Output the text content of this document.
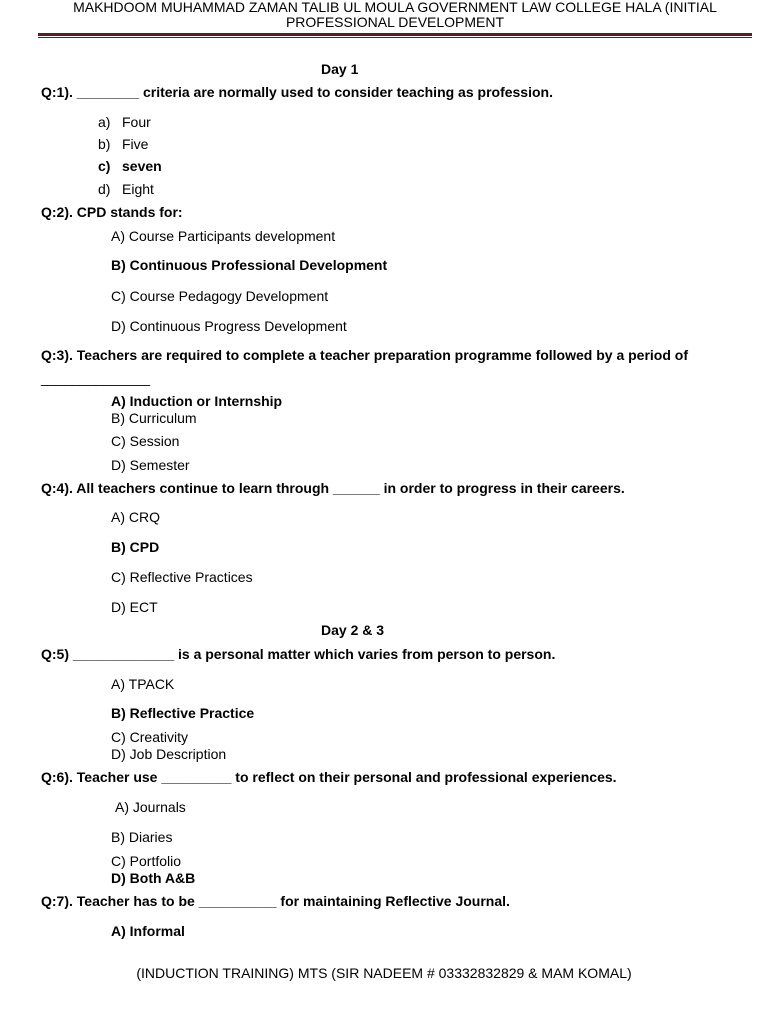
MAKHDOOM MUHAMMAD ZAMAN TALIB UL MOULA GOVERNMENT LAW COLLEGE HALA (INITIAL
PROFESSIONAL DEVELOPMENT
Day 1
Q:1). ________ criteria are normally used to consider teaching as profession.
a) Four
b) Five
c) seven
d) Eight
Q:2). CPD stands for:
A) Course Participants development
B) Continuous Professional Development
C) Course Pedagogy Development
D) Continuous Progress Development
Q:3). Teachers are required to complete a teacher preparation programme followed by a period of
______________
A) Induction or Internship
B) Curriculum
C) Session
D) Semester
Q:4). All teachers continue to learn through ______ in order to progress in their careers.
A) CRQ
B) CPD
C) Reflective Practices
D) ECT
Day 2 & 3
Q:5) _____________ is a personal matter which varies from person to person.
A) TPACK
B) Reflective Practice
C) Creativity
D) Job Description
Q:6). Teacher use _________ to reflect on their personal and professional experiences.
A) Journals
B) Diaries
C) Portfolio
D) Both A&B
Q:7). Teacher has to be __________ for maintaining Reflective Journal.
A) Informal
(INDUCTION TRAINING) MTS (SIR NADEEM # 03332832829 & MAM KOMAL)
